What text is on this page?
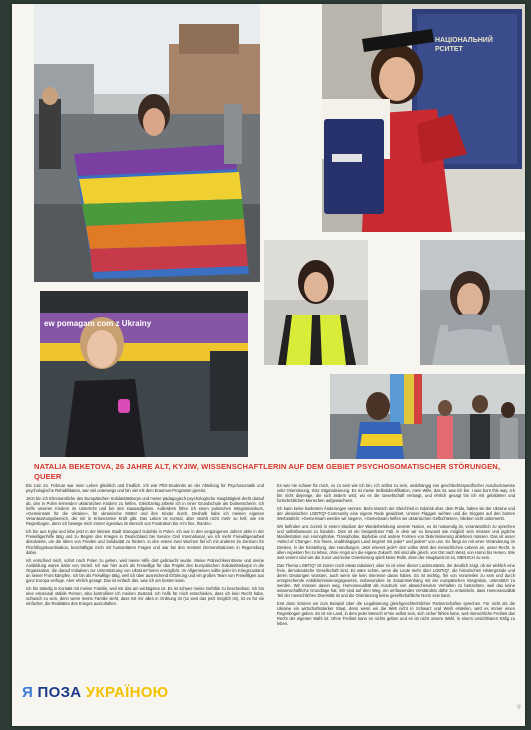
НАЦІОНАЛЬНИЙ
РСИТЕТ
ew pomagam com z Ukrainy
NATALIA BEKETOVA, 26 JAHRE ALT, KYJIW, WISSENSCHAFTLERIN AUF DEM GEBIET PSYCHOSOMATISCHER STÖRUNGEN, QUEER

Bis zum 24. Februar war mein Leben glücklich und friedlich. Ich war PhD-Studentin an der Abteilung für Psychosomatik und psychologische Rehabilitation, war viel unterwegs und bin viel mit dem Erasmus-Programm gereist.

Jetzt bin ich Ehrenamtliche des Europäischen Solidaritätskorps und meine pädagogisch-psychologische Hauptätigkeit dreht darauf ab, den in Polen lernenden ukrainischen Kindern zu helfen. Gleichzeitig arbeite ich in einer Grundschule als Dolmetscherin. Ich helfe unseren Kindern im Unterricht und bei den Hausaufgaben. Außerdem führe ich einen polnischen Integrationskurs, »Gemeinsam für die Ukraine«, für ukrainische Mütter und ihre Kinder durch. Deshalb habe ich meinen eigenen Verantwortungsbereich, der mir in Krisenzeiten Kraft gibt. Das Leben ist normal, aber strahlt nicht mehr so hell, wie ein Regenbogen, denn ich bewege mich immer irgendwo im Bereich von Frustration bis »I'm fine, thanks«.

Ich bin aus Kyjiw und lebe jetzt in der kleinen Stadt Starogard Gdański in Polen. Ich war in den vergangenen Jahren aktiv in der Freiwilligenhilfe tätig und zu Beginn des Krieges in Deutschland bei Service Civil International, wo ich mehr Freiwilligenarbeit absolvierte, um die Ideen von Frieden und Solidarität zu fördern. In den ersten zwei Wochen fiel ich mit anderen im Zentrum für Flüchtlingskoordination, beschäftigte mich mit humanitären Fragen und war bei den meisten Demonstrationen in Regensburg dabei.

Ich entschied mich, sofort nach Polen zu gehen, weil meine Hilfe dort gebraucht wurde. Meine Polnischkenntnisse und meine Ausbildung waren dafür von Vorteil. Ich war hier auch als Freiwillige für das Projekt des Europäischen Solidaritätskorps in die Organisation, die darauf Initiativen zur Unterstützung von Ukrainer*innen ermöglicht. Im Allgemeinen sollte jeder im Kriegszustand an seiner Front kämpfen. Ich bin als Freiwillige tätig, weil ich über ausreichend Erfahrung und ein großes Team von Freiwilligen aus ganz Europa verfüge. Aber ehrlich gesagt: Das ist einfach das, was ich am besten kann.

Ich bin ständig in Kontakt mit meiner Familie, weil mir das am wichtigsten ist. Es ist schwer meine Gefühle zu beschreiben. Ich bin eine emotional stabile Person, also kontrolliere ich meinen Zustand. Ich helfe für mich entschieden, dass ich kein Recht habe, schwach zu sein, denn wenn meine Familie sieht, dass mit mir alles in Ordnung ist (so weit das jetzt möglich ist), ist es für sie einfacher, die Realitäten des Krieges auszuhalten.

Es war nie schwer für mich, so zu sein wie ich bin. Ich selbst zu sein, unabhängig von geschlechtsspezifischer Ausdrucksweise oder Orientierung, trotz Stigmatisierung. Es ist meine Selbstidentifikation, mein Wille, das ist, was ich bin. I was born this way. Ich bin nicht diejenige, die sich ändern wird, wo es die Gesellschaft verlangt, und ehrlich gesagt bin ich mit gebildeten und fortschrittlichen Menschen aufgewachsen.

Ich kann keine konkreten Änderungen nennen. Beim Marsch der Gleichheit in Gdańsk aber, dem Pride, haben sie der Ukraine und der ukrainischen LGBTIQ*-Community eine eigene Rede gewidmet. Unsere Flaggen wehten und die Slogans auf den bunten Werbetafeln: »Gemeinsam werden wir siegen«, »Gemeinsam helfen wir ukrainischen Geflüchteten«, blieben nicht unbemerkt.

Wir befinden uns zurzeit in einem Stadium der Wiederbelebung unserer Nation, es ist notwendig ist, verantwortlich zu sprechen und selbstbewusst zu handeln. Dies ist ein beispielloser Fall, in dem wir so bewusst wie möglich sein müssen und jegliche Manifestation von Homophobie, Transphobie, Biphobie und andere Formen von Diskriminierung ablehnen müssen. Das ist unser »Wind of Change«. Ein freies, unabhängiges Land beginnt mit jeder* und jedem* von uns. Es fängt an mit einer Veränderung im Denken, in der Einstellung, den Handlungen. Jetzt erkennt jede*r den vollen Wert des menschlichen Lebens an, unser Recht, in allen Aspekten frei zu leben, ohne Angst um die eigene Zukunft. Wir sind alle gleich, von Ost nach West, von Homo bis Hetero. Wie weit vereint sind wie die zuvor und keine Orientierung spielt keine Rolle, denn der Hauptwert ist es, MENSCH zu sein.

Das Thema LGBTIQ* ist immer noch etwas tabuisiert, aber es ist einer dieser Lackmustests, der deutlich zeigt, ob wir wirklich eine freie, demokratische Gesellschaft sind. Es wäre schön, wenn die Leute mehr über LGBTIQ*, die historischen Hintergründe und deren Deutungen wüssten, auch wenn sie kein Interesse daran haben. Es ist wichtig, frei von Vorurteilen zu sein und durch entsprechende Antidiskriminierungsgesetze, insbesondere im Zusammenhang mit der europäischen Integration, unterstützt zu werden. Wir müssen davon weg, Homosexualität als Ausdruck von abweichendem Verhalten zu betrachten, weil das keine wissenschaftliche Grundlage hat. Wir sind auf dem Weg, ein umfassendes Verständnis dafür zu entwickeln, dass Homosexualität Teil der menschlichen Diversität ist und die Orientierung keine gesellschaftliche Norm sein kann.

Erst dann können wir zum Beispiel über die Legalisierung gleichgeschlechtlicher Partnerschaften sprechen. Für nicht als die Ukraine ein wirtschaftsstarker Staat, denn wenn wir die Welt nicht in Schwarz und Weiß einteilen, wird es immer einen Regenbogen geben. Es ist ein Land, in dem jeder Mensch er*sie selbst sein, sich sicher fühlen kann, weil menschliche Freiheit das Recht der eigenen Wahl ist. Ohne Freiheit kann es nichts geben und es ist nicht unsere Wahl, in einem unsichtbaren Käfig zu leben.

Я ПОЗА УКРАЇНОЮ
ⓤ
